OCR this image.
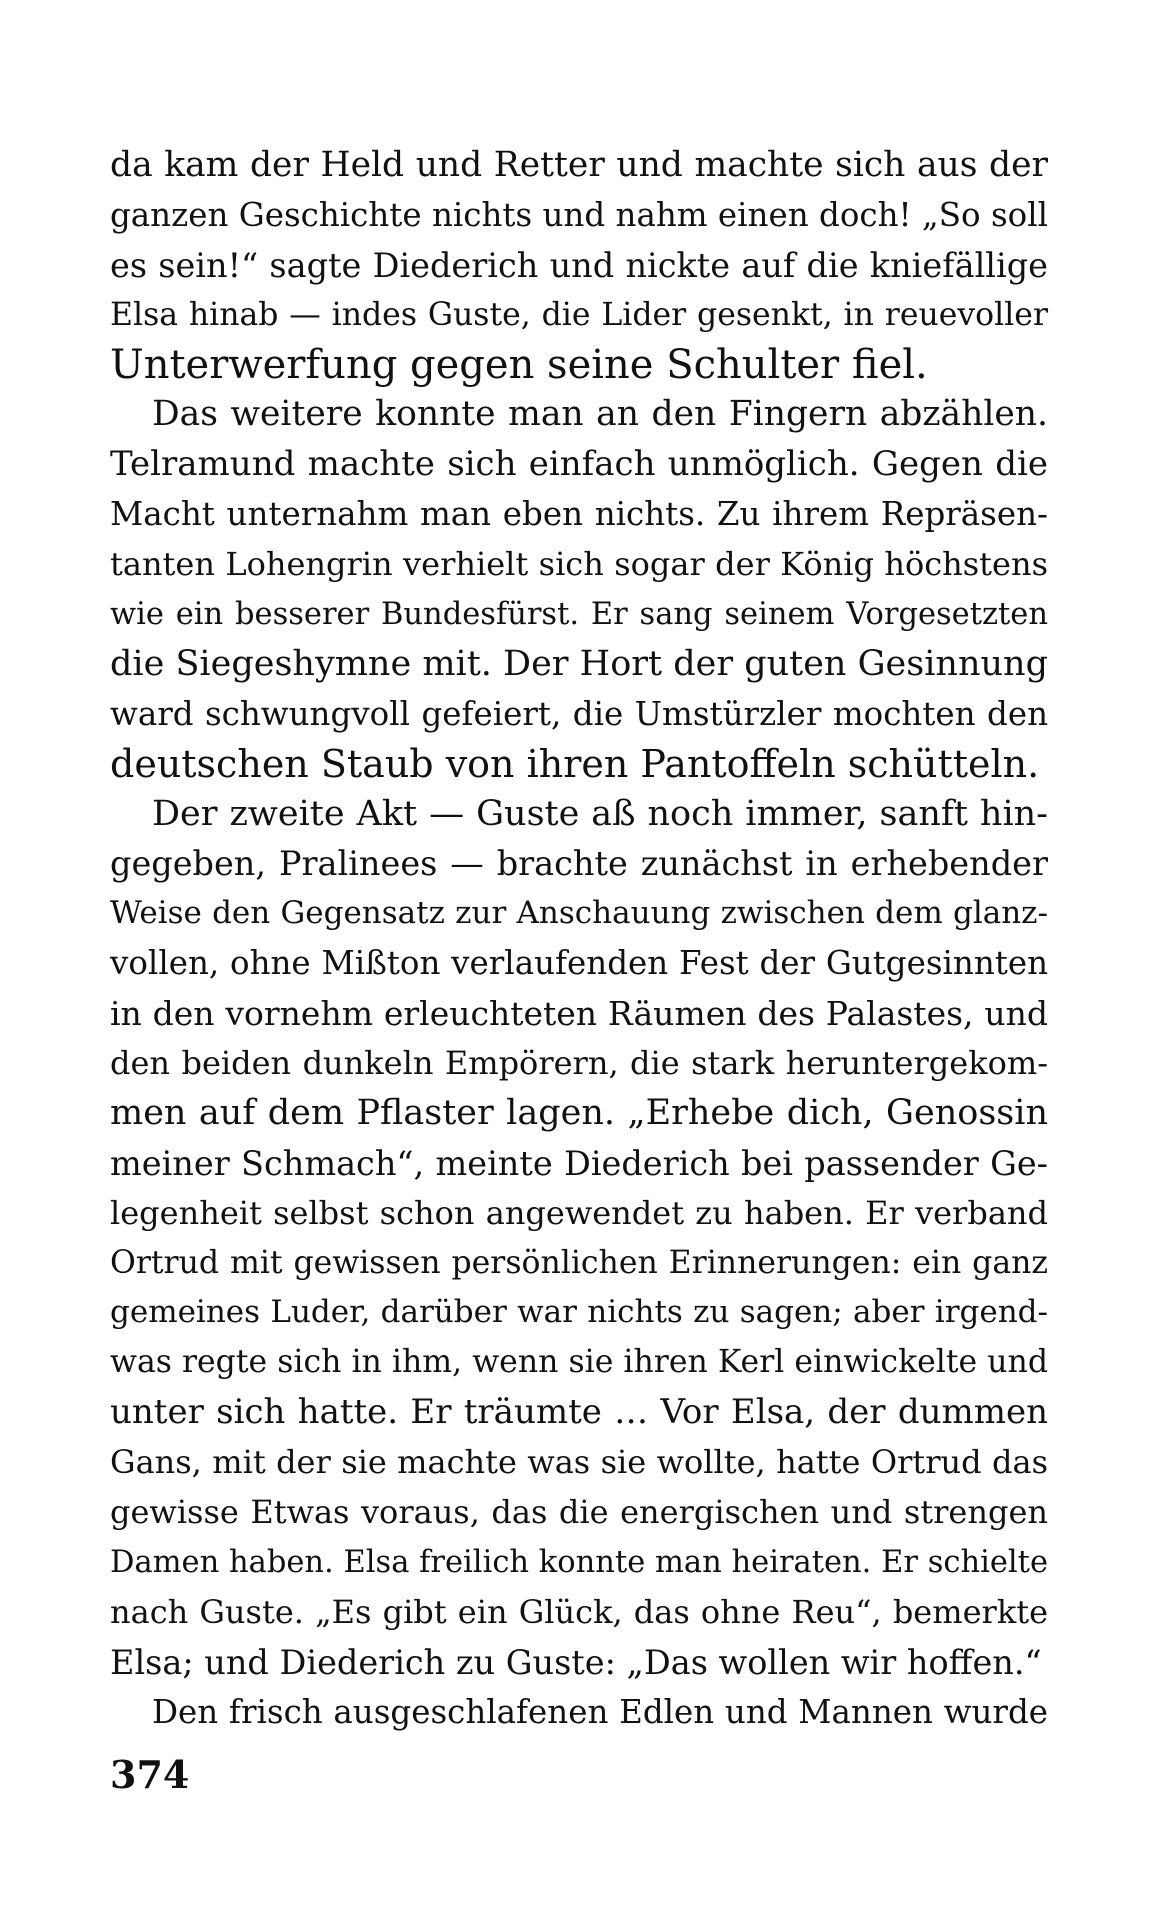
da kam der Held und Retter und machte sich aus der
ganzen Geschichte nichts und nahm einen doch! „So soll
es sein!“ sagte Diederich und nickte auf die kniefällige
Elsa hinab — indes Guste, die Lider gesenkt, in reuevoller
Unterwerfung gegen seine Schulter fiel.
Das weitere konnte man an den Fingern abzählen.
Telramund machte sich einfach unmöglich. Gegen die
Macht unternahm man eben nichts. Zu ihrem Repräsen-
tanten Lohengrin verhielt sich sogar der König höchstens
wie ein besserer Bundesfürst. Er sang seinem Vorgesetzten
die Siegeshymne mit. Der Hort der guten Gesinnung
ward schwungvoll gefeiert, die Umstürzler mochten den
deutschen Staub von ihren Pantoffeln schütteln.
Der zweite Akt — Guste aß noch immer, sanft hin-
gegeben, Pralinees — brachte zunächst in erhebender
Weise den Gegensatz zur Anschauung zwischen dem glanz-
vollen, ohne Mißton verlaufenden Fest der Gutgesinnten
in den vornehm erleuchteten Räumen des Palastes, und
den beiden dunkeln Empörern, die stark heruntergekom-
men auf dem Pflaster lagen. „Erhebe dich, Genossin
meiner Schmach“, meinte Diederich bei passender Ge-
legenheit selbst schon angewendet zu haben. Er verband
Ortrud mit gewissen persönlichen Erinnerungen: ein ganz
gemeines Luder, darüber war nichts zu sagen; aber irgend-
was regte sich in ihm, wenn sie ihren Kerl einwickelte und
unter sich hatte. Er träumte … Vor Elsa, der dummen
Gans, mit der sie machte was sie wollte, hatte Ortrud das
gewisse Etwas voraus, das die energischen und strengen
Damen haben. Elsa freilich konnte man heiraten. Er schielte
nach Guste. „Es gibt ein Glück, das ohne Reu“, bemerkte
Elsa; und Diederich zu Guste: „Das wollen wir hoffen.“
Den frisch ausgeschlafenen Edlen und Mannen wurde
374
